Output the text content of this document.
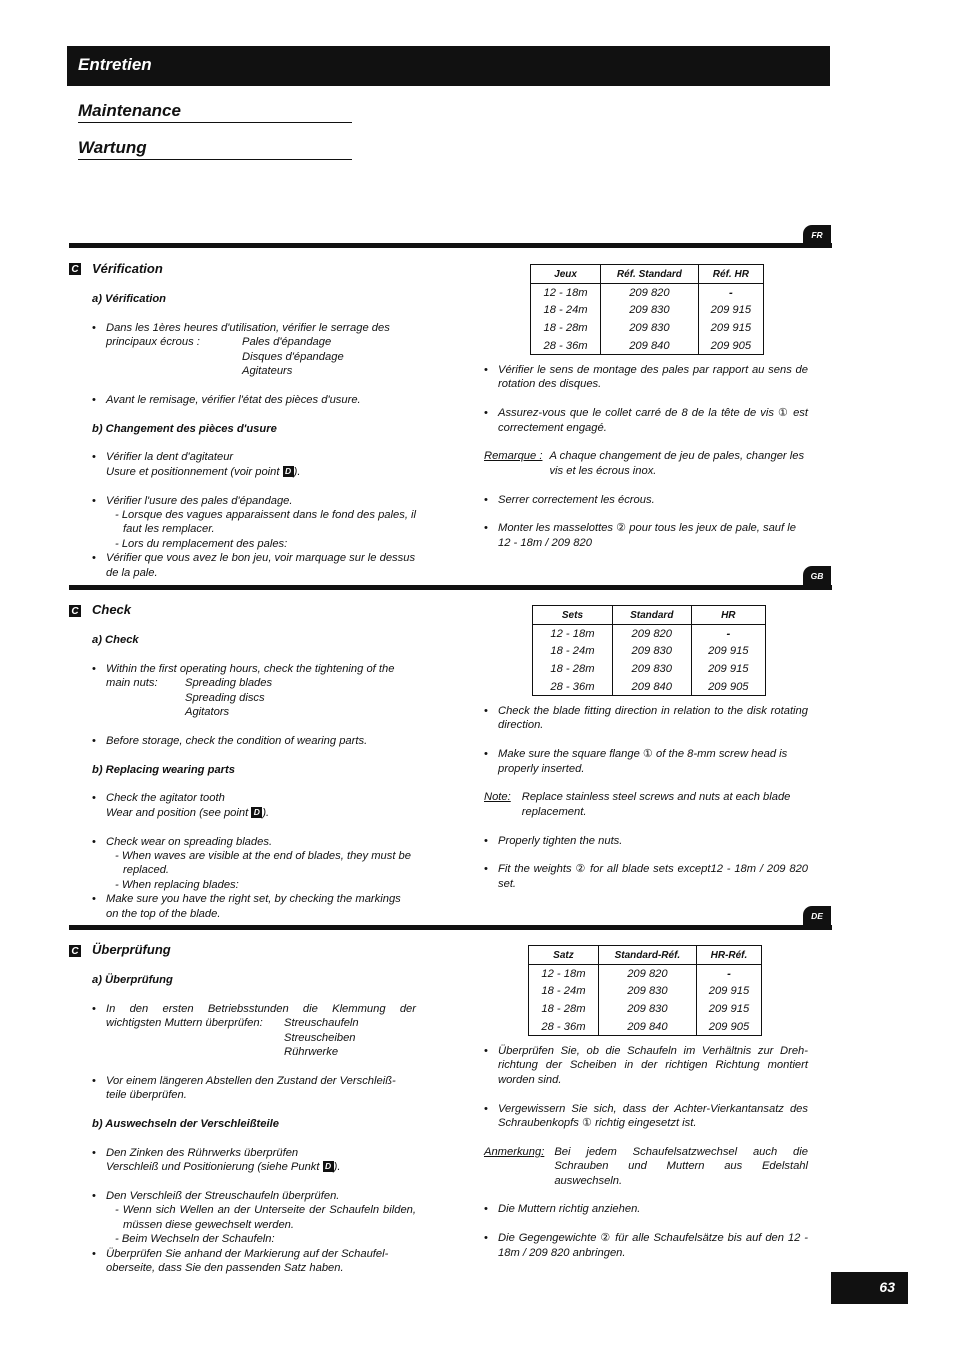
Entretien
Maintenance
Wartung
FR
C Vérification

a) Vérification

• Dans les 1ères heures d'utilisation, vérifier le serrage des
principaux écrous :	Pales d'épandage
Disques d'épandage
Agitateurs
• Avant le remisage, vérifier l'état des pièces d'usure.

b) Changement des pièces d'usure

• Vérifier la dent d'agitateur
Usure et positionnement (voir point D ).
• Vérifier l'usure des pales d'épandage.
- Lorsque des vagues apparaissent dans le fond des pales, il faut les remplacer.
- Lors du remplacement des pales:
• Vérifier que vous avez le bon jeu, voir marquage sur le dessus de la pale.
Jeux	Réf. Standard	Réf. HR
12 - 18m	209 820	-
18 - 24m	209 830	209 915
18 - 28m	209 830	209 915
28 - 36m	209 840	209 905
• Vérifier le sens de montage des pales par rapport au sens de rotation des disques.
• Assurez-vous que le collet carré de 8 de la tête de vis ① est correctement engagé.
Remarque : A chaque changement de jeu de pales, changer les vis et les écrous inox.
• Serrer correctement les écrous.
• Monter les masselottes ② pour tous les jeux de pale, sauf le 12 - 18m / 209 820
GB
C Check

a) Check

• Within the first operating hours, check the tightening of the
main nuts: Spreading blades
Spreading discs
Agitators
• Before storage, check the condition of wearing parts.

b) Replacing wearing parts

• Check the agitator tooth
Wear and position (see point D ).
• Check wear on spreading blades.
- When waves are visible at the end of blades, they must be replaced.
- When replacing blades:
• Make sure you have the right set, by checking the markings on the top of the blade.
Sets	Standard	HR
12 - 18m	209 820	-
18 - 24m	209 830	209 915
18 - 28m	209 830	209 915
28 - 36m	209 840	209 905
• Check the blade fitting direction in relation to the disk rotating direction.
• Make sure the square flange ① of the 8-mm screw head is properly inserted.
Note: Replace stainless steel screws and nuts at each blade replacement.
• Properly tighten the nuts.
• Fit the weights ② for all blade sets except12 - 18m / 209 820 set.
DE
C Überprüfung

a) Überprüfung

• In den ersten Betriebsstunden die Klemmung der
wichtigsten Muttern überprüfen: Streuschaufeln
Streuscheiben
Rührwerke
• Vor einem längeren Abstellen den Zustand der Verschleiß-teile überprüfen.

b) Auswechseln der Verschleißteile

• Den Zinken des Rührwerks überprüfen
Verschleiß und Positionierung (siehe Punkt D ).
• Den Verschleiß der Streuschaufeln überprüfen.
- Wenn sich Wellen an der Unterseite der Schaufeln bilden, müssen diese gewechselt werden.
- Beim Wechseln der Schaufeln:
• Überprüfen Sie anhand der Markierung auf der Schaufel-oberseite, dass Sie den passenden Satz haben.
Satz	Standard-Réf.	HR-Réf.
12 - 18m	209 820	-
18 - 24m	209 830	209 915
18 - 28m	209 830	209 915
28 - 36m	209 840	209 905
• Überprüfen Sie, ob die Schaufeln im Verhältnis zur Dreh-richtung der Scheiben in der richtigen Richtung montiert worden sind.
• Vergewissern Sie sich, dass der Achter-Vierkantansatz des Schraubenkopfs ① richtig eingesetzt ist.
Anmerkung: Bei jedem Schaufelsatzwechsel auch die Schrauben und Muttern aus Edelstahl auswechseln.
• Die Muttern richtig anziehen.
• Die Gegengewichte ② für alle Schaufelsätze bis auf den 12 - 18m / 209 820 anbringen.
63
